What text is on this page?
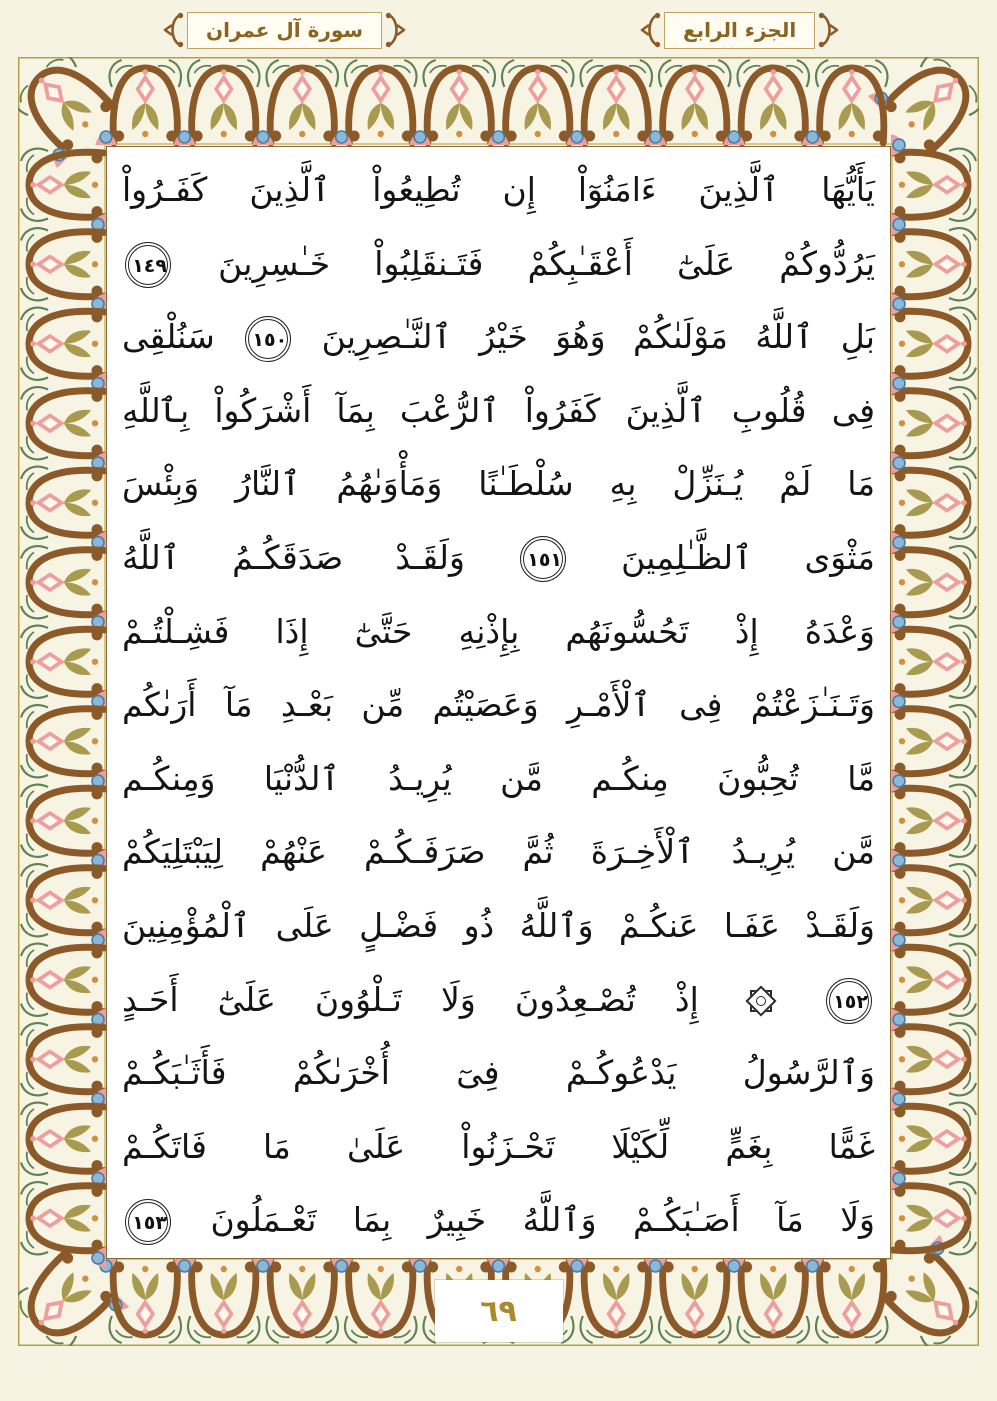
سورة آل عمران	الجزء الرابع
يَأَيُّهَا ٱلَّذِينَ ءَامَنُوٓاْ إِن تُطِيعُواْ ٱلَّذِينَ كَفَـرُواْ
يَرُدُّوكُمْ عَلَىٰٓ أَعْقَـٰبِكُمْ فَتَـنقَلِبُواْ خَـٰسِرِينَ ١٤٩
بَلِ ٱللَّهُ مَوْلَىٰكُمْ وَهُوَ خَيْرُ ٱلنَّـٰصِرِينَ ١٥٠ سَنُلْقِى
فِى قُلُوبِ ٱلَّذِينَ كَفَرُواْ ٱلرُّعْبَ بِمَآ أَشْرَكُواْ بِٱللَّهِ
مَا لَمْ يُـنَزِّلْ بِهِ سُلْطَـٰنًا وَمَأْوَىٰهُمُ ٱلنَّارُ وَبِئْسَ
مَثْوَى ٱلظَّـٰلِمِينَ ١٥١ وَلَقَـدْ صَدَقَكُـمُ ٱللَّهُ
وَعْدَهُ إِذْ تَحُسُّونَهُم بِإِذْنِهِ حَتَّىٰٓ إِذَا فَشِـلْتُـمْ
وَتَـنَـٰزَعْتُمْ فِى ٱلْأَمْـرِ وَعَصَيْتُم مِّن بَعْـدِ مَآ أَرَىٰكُم
مَّا تُحِبُّونَ مِنكُـم مَّن يُرِيـدُ ٱلدُّنْيَا وَمِنكُـم
مَّن يُرِيـدُ ٱلْأَخِـرَةَ ثُمَّ صَرَفَـكُـمْ عَنْهُمْ لِيَبْتَلِيَكُمْ
وَلَقَـدْ عَفَـا عَنكُـمْ وَٱللَّهُ ذُو فَضْـلٍ عَلَى ٱلْمُؤْمِنِينَ
١٥٢
إِذْ تُصْـعِدُونَ وَلَا تَـلْوُونَ عَلَىٰٓ أَحَـدٍ
وَٱلرَّسُولُ يَدْعُوكُـمْ فِىٓ أُخْرَىٰكُمْ فَأَثَـٰبَكُـمْ
غَمًّا بِغَمٍّ لِّكَيْلَا تَحْـزَنُواْ عَلَىٰ مَا فَاتَكُـمْ
وَلَا مَآ أَصَـٰبَكُـمْ وَٱللَّهُ خَبِيرٌ بِمَا تَعْـمَلُونَ ١٥٣
٦٩
